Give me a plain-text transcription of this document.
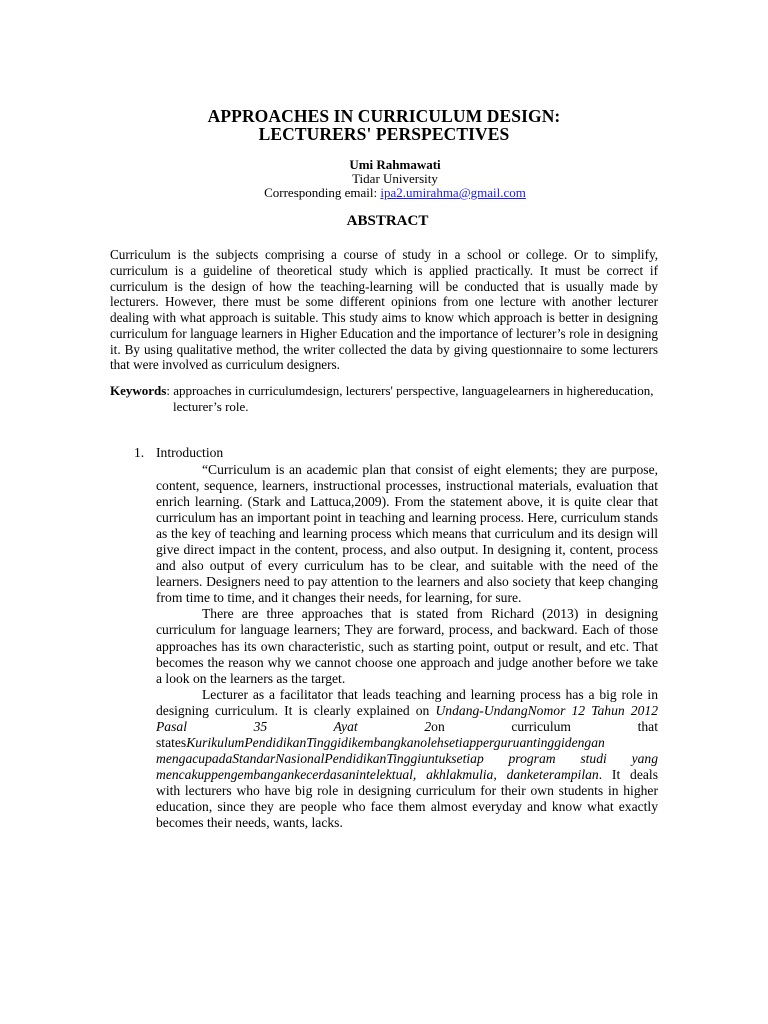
APPROACHES IN CURRICULUM DESIGN:
LECTURERS' PERSPECTIVES
Umi Rahmawati
Tidar University
Corresponding email: ipa2.umirahma@gmail.com
ABSTRACT
Curriculum is the subjects comprising a course of study in a school or college. Or to simplify, curriculum is a guideline of theoretical study which is applied practically. It must be correct if curriculum is the design of how the teaching-learning will be conducted that is usually made by lecturers. However, there must be some different opinions from one lecture with another lecturer dealing with what approach is suitable. This study aims to know which approach is better in designing curriculum for language learners in Higher Education and the importance of lecturer’s role in designing it. By using qualitative method, the writer collected the data by giving questionnaire to some lecturers that were involved as curriculum designers.
Keywords: approaches in curriculumdesign, lecturers' perspective, languagelearners in highereducation,
lecturer’s role.
1. Introduction

“Curriculum is an academic plan that consist of eight elements; they are purpose, content, sequence, learners, instructional processes, instructional materials, evaluation that enrich learning. (Stark and Lattuca,2009). From the statement above, it is quite clear that curriculum has an important point in teaching and learning process. Here, curriculum stands as the key of teaching and learning process which means that curriculum and its design will give direct impact in the content, process, and also output. In designing it, content, process and also output of every curriculum has to be clear, and suitable with the need of the learners. Designers need to pay attention to the learners and also society that keep changing from time to time, and it changes their needs, for learning, for sure.

There are three approaches that is stated from Richard (2013) in designing curriculum for language learners; They are forward, process, and backward. Each of those approaches has its own characteristic, such as starting point, output or result, and etc. That becomes the reason why we cannot choose one approach and judge another before we take a look on the learners as the target.

Lecturer as a facilitator that leads teaching and learning process has a big role in designing curriculum. It is clearly explained on Undang-UndangNomor 12 Tahun 2012 Pasal 35 Ayat 2on curriculum that statesKurikulumPendidikanTinggidikembangkanolehsetiapperguruantinggidengan mengacupadaStandarNasionalPendidikanTinggiuntuksetiap program studi yang mencakuppengembangankecerdasanintelektual, akhlakmulia, danketerampilan. It deals with lecturers who have big role in designing curriculum for their own students in higher education, since they are people who face them almost everyday and know what exactly becomes their needs, wants, lacks.
